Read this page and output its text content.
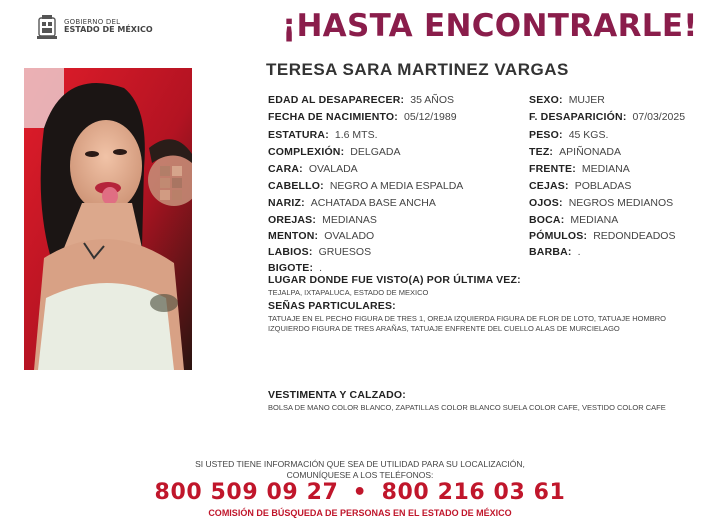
GOBIERNO DEL
ESTADO DE MÉXICO	¡HASTA ENCONTRARLE!
TERESA SARA MARTINEZ VARGAS
EDAD AL DESAPARECER: 35 AÑOS
FECHA DE NACIMIENTO: 05/12/1989
ESTATURA: 1.6 MTS.
COMPLEXIÓN: DELGADA
CARA: OVALADA
CABELLO: NEGRO A MEDIA ESPALDA
NARIZ: ACHATADA BASE ANCHA
OREJAS: MEDIANAS
MENTON: OVALADO
LABIOS: GRUESOS
BIGOTE: .
SEXO: MUJER
F. DESAPARICIÓN: 07/03/2025
PESO: 45 KGS.
TEZ: APIÑONADA
FRENTE: MEDIANA
CEJAS: POBLADAS
OJOS: NEGROS MEDIANOS
BOCA: MEDIANA
PÓMULOS: REDONDEADOS
BARBA: .
LUGAR DONDE FUE VISTO(A) POR ÚLTIMA VEZ:
TEJALPA, IXTAPALUCA, ESTADO DE MEXICO
SEÑAS PARTICULARES:
TATUAJE EN EL PECHO FIGURA DE TRES 1, OREJA IZQUIERDA FIGURA DE FLOR DE LOTO, TATUAJE HOMBRO
IZQUIERDO FIGURA DE TRES ARAÑAS, TATUAJE ENFRENTE DEL CUELLO ALAS DE MURCIELAGO
VESTIMENTA Y CALZADO:
BOLSA DE MANO COLOR BLANCO, ZAPATILLAS COLOR BLANCO SUELA COLOR CAFE, VESTIDO COLOR CAFE
SI USTED TIENE INFORMACIÓN QUE SEA DE UTILIDAD PARA SU LOCALIZACIÓN,
COMUNÍQUESE A LOS TELÉFONOS:
800 509 09 27 • 800 216 03 61
COMISIÓN DE BÚSQUEDA DE PERSONAS EN EL ESTADO DE MÉXICO
